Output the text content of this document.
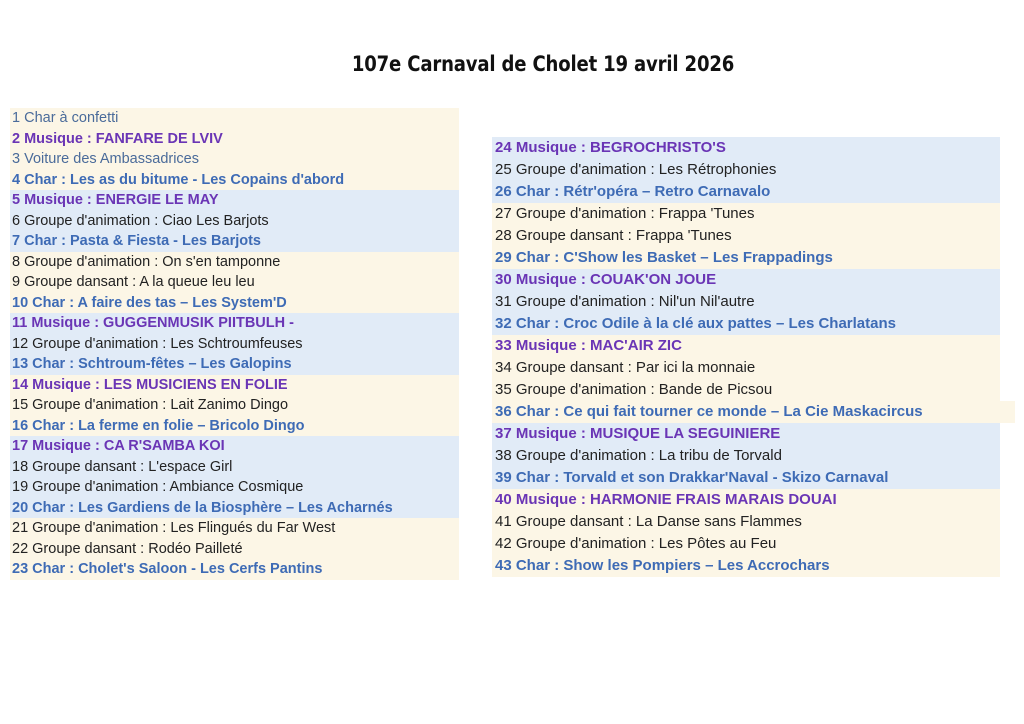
107e Carnaval de Cholet 19 avril 2026
1 Char à confetti
2 Musique : FANFARE DE LVIV
3 Voiture des Ambassadrices
4 Char : Les as du bitume - Les Copains d'abord
5 Musique : ENERGIE LE MAY
6 Groupe d'animation : Ciao Les Barjots
7 Char : Pasta & Fiesta - Les Barjots
8 Groupe d'animation : On s'en tamponne
9 Groupe dansant : A la queue leu leu
10 Char : A faire des tas – Les System'D
11 Musique : GUGGENMUSIK PIITBULH -
12 Groupe d'animation : Les Schtroumfeuses
13 Char : Schtroum-fêtes – Les Galopins
14 Musique : LES MUSICIENS EN FOLIE
15 Groupe d'animation : Lait Zanimo Dingo
16 Char : La ferme en folie – Bricolo Dingo
17 Musique : CA R'SAMBA KOI
18 Groupe dansant : L'espace Girl
19 Groupe d'animation : Ambiance Cosmique
20 Char : Les Gardiens de la Biosphère – Les Acharnés
21 Groupe d'animation : Les Flingués du Far West
22 Groupe dansant : Rodéo Pailleté
23 Char : Cholet's Saloon - Les Cerfs Pantins
24 Musique : BEGROCHRISTO'S
25 Groupe d'animation : Les Rétrophonies
26 Char : Rétr'opéra – Retro Carnavalo
27 Groupe d'animation : Frappa 'Tunes
28 Groupe dansant : Frappa 'Tunes
29 Char : C'Show les Basket – Les Frappadings
30 Musique : COUAK'ON JOUE
31 Groupe d'animation : Nil'un Nil'autre
32 Char : Croc Odile à la clé aux pattes – Les Charlatans
33 Musique : MAC'AIR ZIC
34 Groupe dansant : Par ici la monnaie
35 Groupe d'animation : Bande de Picsou
36 Char : Ce qui fait tourner ce monde – La Cie Maskacircus
37 Musique : MUSIQUE LA SEGUINIERE
38 Groupe d'animation : La tribu de Torvald
39 Char : Torvald et son Drakkar'Naval - Skizo Carnaval
40 Musique : HARMONIE FRAIS MARAIS DOUAI
41 Groupe dansant : La Danse sans Flammes
42 Groupe d'animation : Les Pôtes au Feu
43 Char : Show les Pompiers – Les Accrochars
